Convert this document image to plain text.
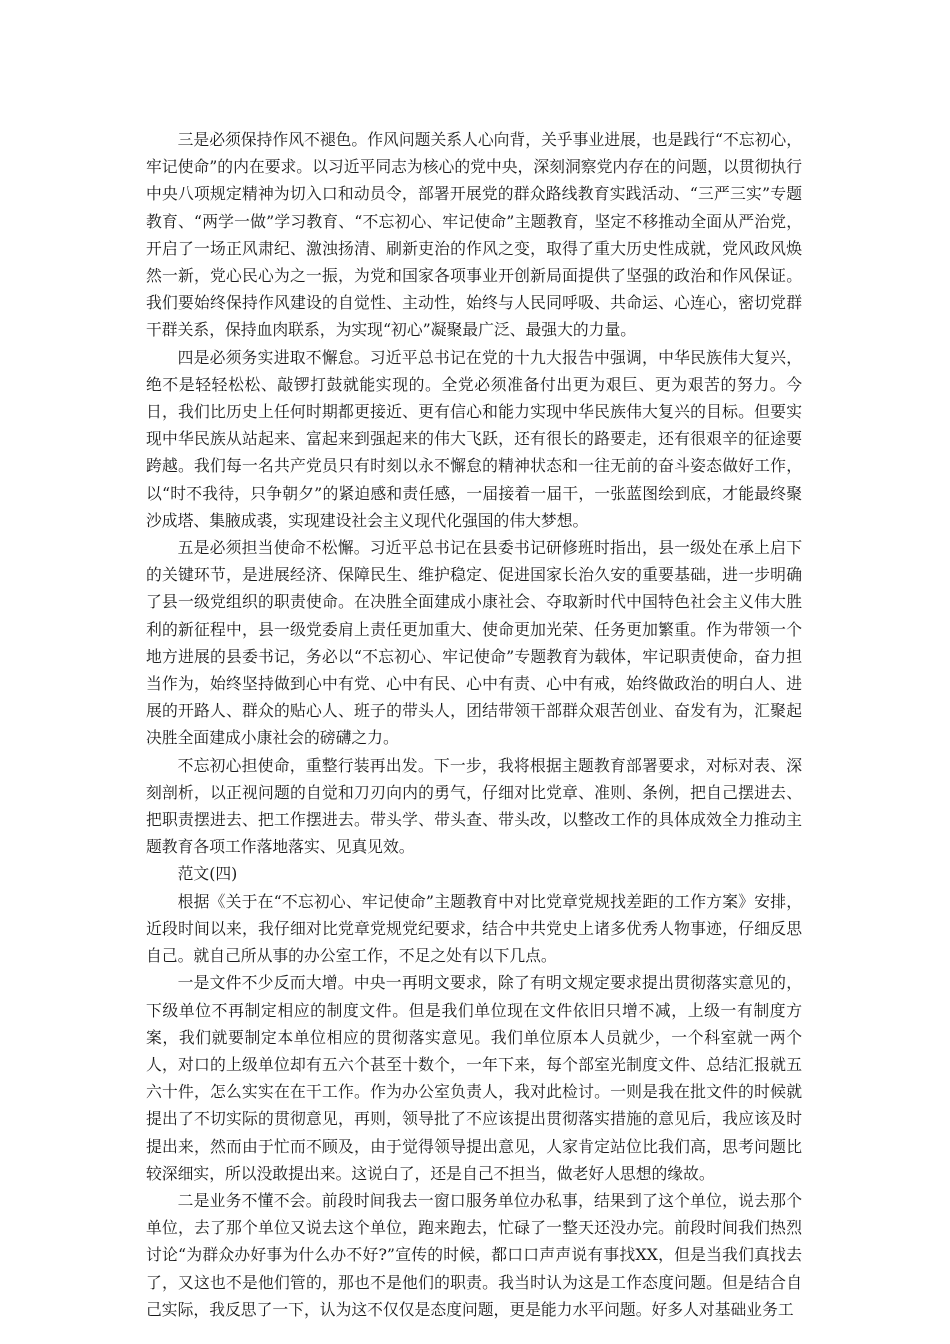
三是必须保持作风不褪色。作风问题关系人心向背，关乎事业进展，也是践行“不忘初心，牢记使命”的内在要求。以习近平同志为核心的党中央，深刻洞察党内存在的问题，以贯彻执行中央八项规定精神为切入口和动员令，部署开展党的群众路线教育实践活动、“三严三实”专题教育、“两学一做”学习教育、“不忘初心、牢记使命”主题教育，坚定不移推动全面从严治党，开启了一场正风肃纪、激浊扬清、刷新吏治的作风之变，取得了重大历史性成就，党风政风焕然一新，党心民心为之一振，为党和国家各项事业开创新局面提供了坚强的政治和作风保证。我们要始终保持作风建设的自觉性、主动性，始终与人民同呼吸、共命运、心连心，密切党群干群关系，保持血肉联系，为实现“初心”凝聚最广泛、最强大的力量。

四是必须务实进取不懈怠。习近平总书记在党的十九大报告中强调，中华民族伟大复兴，绝不是轻轻松松、敲锣打鼓就能实现的。全党必须准备付出更为艰巨、更为艰苦的努力。今日，我们比历史上任何时期都更接近、更有信心和能力实现中华民族伟大复兴的目标。但要实现中华民族从站起来、富起来到强起来的伟大飞跃，还有很长的路要走，还有很艰辛的征途要跨越。我们每一名共产党员只有时刻以永不懈怠的精神状态和一往无前的奋斗姿态做好工作，以“时不我待，只争朝夕”的紧迫感和责任感，一届接着一届干，一张蓝图绘到底，才能最终聚沙成塔、集腋成裘，实现建设社会主义现代化强国的伟大梦想。

五是必须担当使命不松懈。习近平总书记在县委书记研修班时指出，县一级处在承上启下的关键环节，是进展经济、保障民生、维护稳定、促进国家长治久安的重要基础，进一步明确了县一级党组织的职责使命。在决胜全面建成小康社会、夺取新时代中国特色社会主义伟大胜利的新征程中，县一级党委肩上责任更加重大、使命更加光荣、任务更加繁重。作为带领一个地方进展的县委书记，务必以“不忘初心、牢记使命”专题教育为载体，牢记职责使命，奋力担当作为，始终坚持做到心中有党、心中有民、心中有责、心中有戒，始终做政治的明白人、进展的开路人、群众的贴心人、班子的带头人，团结带领干部群众艰苦创业、奋发有为，汇聚起决胜全面建成小康社会的磅礴之力。

不忘初心担使命，重整行装再出发。下一步，我将根据主题教育部署要求，对标对表、深刻剖析，以正视问题的自觉和刀刃向内的勇气，仔细对比党章、准则、条例，把自己摆进去、把职责摆进去、把工作摆进去。带头学、带头查、带头改，以整改工作的具体成效全力推动主题教育各项工作落地落实、见真见效。

范文(四)

根据《关于在“不忘初心、牢记使命”主题教育中对比党章党规找差距的工作方案》安排，近段时间以来，我仔细对比党章党规党纪要求，结合中共党史上诸多优秀人物事迹，仔细反思自己。就自己所从事的办公室工作，不足之处有以下几点。

一是文件不少反而大增。中央一再明文要求，除了有明文规定要求提出贯彻落实意见的，下级单位不再制定相应的制度文件。但是我们单位现在文件依旧只增不减，上级一有制度方案，我们就要制定本单位相应的贯彻落实意见。我们单位原本人员就少，一个科室就一两个人，对口的上级单位却有五六个甚至十数个，一年下来，每个部室光制度文件、总结汇报就五六十件，怎么实实在在干工作。作为办公室负责人，我对此检讨。一则是我在批文件的时候就提出了不切实际的贯彻意见，再则，领导批了不应该提出贯彻落实措施的意见后，我应该及时提出来，然而由于忙而不顾及，由于觉得领导提出意见，人家肯定站位比我们高，思考问题比较深细实，所以没敢提出来。这说白了，还是自己不担当，做老好人思想的缘故。

二是业务不懂不会。前段时间我去一窗口服务单位办私事，结果到了这个单位，说去那个单位，去了那个单位又说去这个单位，跑来跑去，忙碌了一整天还没办完。前段时间我们热烈讨论“为群众办好事为什么办不好?”宣传的时候，都口口声声说有事找XX，但是当我们真找去了，又这也不是他们管的，那也不是他们的职责。我当时认为这是工作态度问题。但是结合自己实际，我反思了一下，认为这不仅仅是态度问题，更是能力水平问题。好多人对基础业务工
